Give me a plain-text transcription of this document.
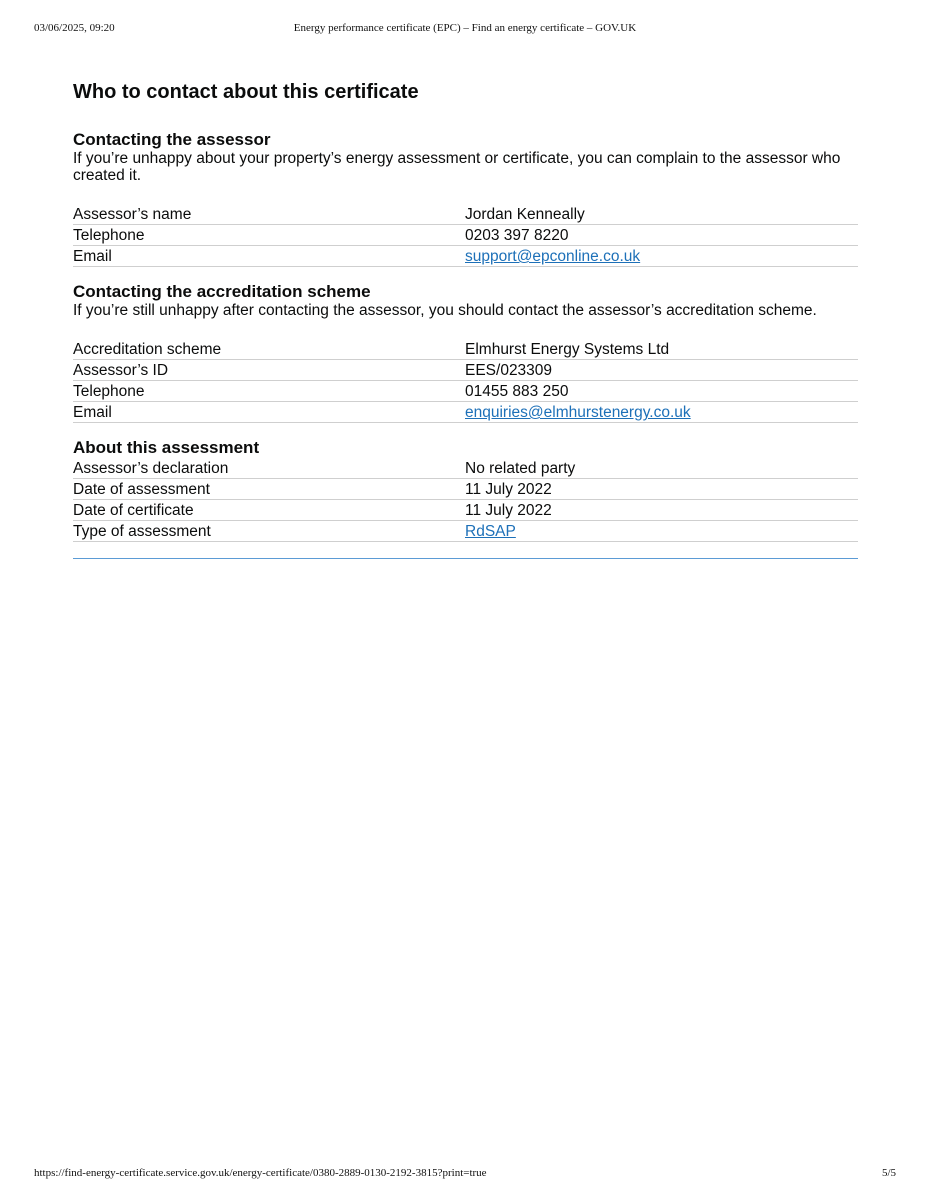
03/06/2025, 09:20	Energy performance certificate (EPC) – Find an energy certificate – GOV.UK
Who to contact about this certificate
Contacting the assessor

If you’re unhappy about your property’s energy assessment or certificate, you can complain to the assessor who created it.

Assessor’s name	Jordan Kenneally
Telephone	0203 397 8220
Email	support@epconline.co.uk
Contacting the accreditation scheme

If you’re still unhappy after contacting the assessor, you should contact the assessor’s accreditation scheme.

Accreditation scheme	Elmhurst Energy Systems Ltd
Assessor’s ID	EES/023309
Telephone	01455 883 250
Email	enquiries@elmhurstenergy.co.uk
About this assessment
Assessor’s declaration	No related party
Date of assessment	11 July 2022
Date of certificate	11 July 2022
Type of assessment	RdSAP
https://find-energy-certificate.service.gov.uk/energy-certificate/0380-2889-0130-2192-3815?print=true	5/5
